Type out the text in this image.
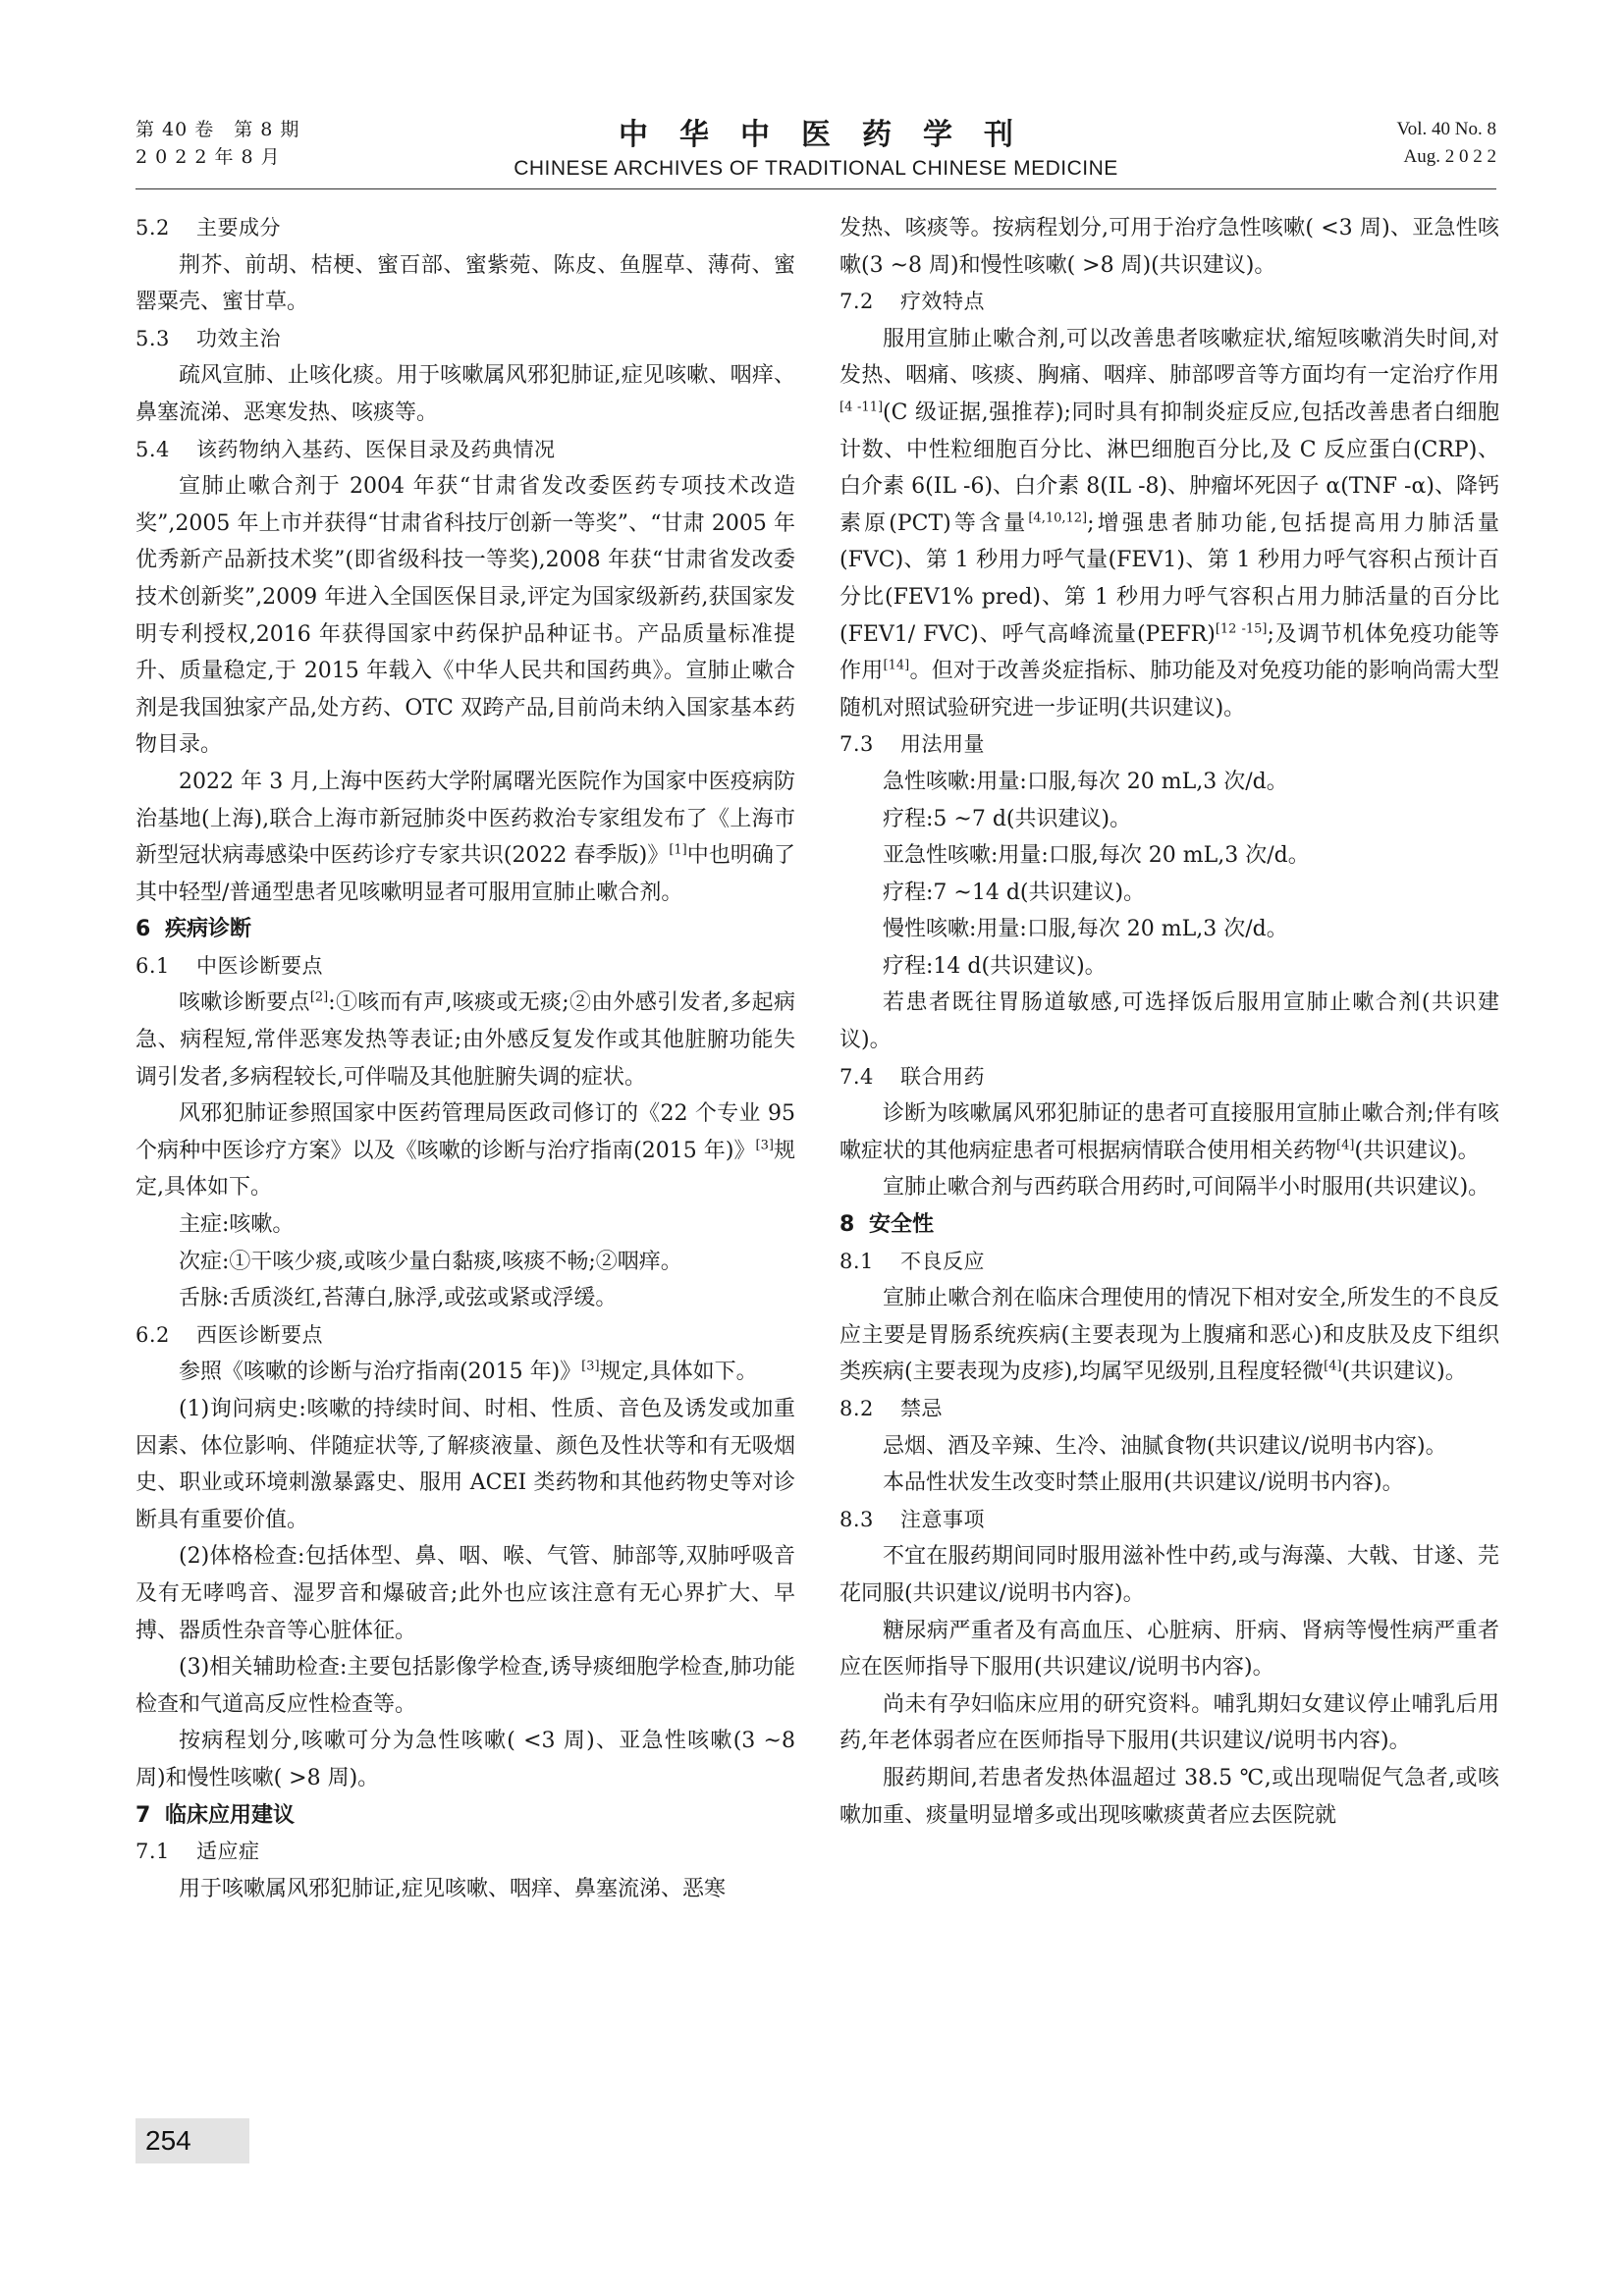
第 40 卷　第 8 期
2 0 2 2 年 8 月
中华中医药学刊
CHINESE ARCHIVES OF TRADITIONAL CHINESE MEDICINE
Vol. 40 No. 8
Aug. 2 0 2 2

5.2 主要成分

荆芥、前胡、桔梗、蜜百部、蜜紫菀、陈皮、鱼腥草、薄荷、蜜罂粟壳、蜜甘草。

5.3 功效主治

疏风宣肺、止咳化痰。用于咳嗽属风邪犯肺证,症见咳嗽、咽痒、鼻塞流涕、恶寒发热、咳痰等。

5.4 该药物纳入基药、医保目录及药典情况

宣肺止嗽合剂于 2004 年获“甘肃省发改委医药专项技术改造奖”,2005 年上市并获得“甘肃省科技厅创新一等奖”、“甘肃 2005 年优秀新产品新技术奖”(即省级科技一等奖),2008 年获“甘肃省发改委技术创新奖”,2009 年进入全国医保目录,评定为国家级新药,获国家发明专利授权,2016 年获得国家中药保护品种证书。产品质量标准提升、质量稳定,于 2015 年载入《中华人民共和国药典》。宣肺止嗽合剂是我国独家产品,处方药、OTC 双跨产品,目前尚未纳入国家基本药物目录。

2022 年 3 月,上海中医药大学附属曙光医院作为国家中医疫病防治基地(上海),联合上海市新冠肺炎中医药救治专家组发布了《上海市新型冠状病毒感染中医药诊疗专家共识(2022 春季版)》[1]中也明确了其中轻型/普通型患者见咳嗽明显者可服用宣肺止嗽合剂。

6 疾病诊断

6.1 中医诊断要点

咳嗽诊断要点[2]:①咳而有声,咳痰或无痰;②由外感引发者,多起病急、病程短,常伴恶寒发热等表证;由外感反复发作或其他脏腑功能失调引发者,多病程较长,可伴喘及其他脏腑失调的症状。

风邪犯肺证参照国家中医药管理局医政司修订的《22 个专业 95 个病种中医诊疗方案》以及《咳嗽的诊断与治疗指南(2015 年)》[3]规定,具体如下。

主症:咳嗽。

次症:①干咳少痰,或咳少量白黏痰,咳痰不畅;②咽痒。

舌脉:舌质淡红,苔薄白,脉浮,或弦或紧或浮缓。

6.2 西医诊断要点

参照《咳嗽的诊断与治疗指南(2015 年)》[3]规定,具体如下。

(1)询问病史:咳嗽的持续时间、时相、性质、音色及诱发或加重因素、体位影响、伴随症状等,了解痰液量、颜色及性状等和有无吸烟史、职业或环境刺激暴露史、服用 ACEI 类药物和其他药物史等对诊断具有重要价值。

(2)体格检查:包括体型、鼻、咽、喉、气管、肺部等,双肺呼吸音及有无哮鸣音、湿罗音和爆破音;此外也应该注意有无心界扩大、早搏、器质性杂音等心脏体征。

(3)相关辅助检查:主要包括影像学检查,诱导痰细胞学检查,肺功能检查和气道高反应性检查等。

按病程划分,咳嗽可分为急性咳嗽( <3 周)、亚急性咳嗽(3 ~8 周)和慢性咳嗽( >8 周)。

7 临床应用建议

7.1 适应症

用于咳嗽属风邪犯肺证,症见咳嗽、咽痒、鼻塞流涕、恶寒

发热、咳痰等。按病程划分,可用于治疗急性咳嗽( <3 周)、亚急性咳嗽(3 ~8 周)和慢性咳嗽( >8 周)(共识建议)。

7.2 疗效特点

服用宣肺止嗽合剂,可以改善患者咳嗽症状,缩短咳嗽消失时间,对发热、咽痛、咳痰、胸痛、咽痒、肺部啰音等方面均有一定治疗作用[4 -11](C 级证据,强推荐);同时具有抑制炎症反应,包括改善患者白细胞计数、中性粒细胞百分比、淋巴细胞百分比,及 C 反应蛋白(CRP)、白介素 6(IL -6)、白介素 8(IL -8)、肿瘤坏死因子 α(TNF -α)、降钙素原(PCT)等含量[4,10,12];增强患者肺功能,包括提高用力肺活量(FVC)、第 1 秒用力呼气量(FEV1)、第 1 秒用力呼气容积占预计百分比(FEV1% pred)、第 1 秒用力呼气容积占用力肺活量的百分比(FEV1/ FVC)、呼气高峰流量(PEFR)[12 -15];及调节机体免疫功能等作用[14]。但对于改善炎症指标、肺功能及对免疫功能的影响尚需大型随机对照试验研究进一步证明(共识建议)。

7.3 用法用量

急性咳嗽:用量:口服,每次 20 mL,3 次/d。

疗程:5 ~7 d(共识建议)。

亚急性咳嗽:用量:口服,每次 20 mL,3 次/d。

疗程:7 ~14 d(共识建议)。

慢性咳嗽:用量:口服,每次 20 mL,3 次/d。

疗程:14 d(共识建议)。

若患者既往胃肠道敏感,可选择饭后服用宣肺止嗽合剂(共识建议)。

7.4 联合用药

诊断为咳嗽属风邪犯肺证的患者可直接服用宣肺止嗽合剂;伴有咳嗽症状的其他病症患者可根据病情联合使用相关药物[4](共识建议)。

宣肺止嗽合剂与西药联合用药时,可间隔半小时服用(共识建议)。

8 安全性

8.1 不良反应

宣肺止嗽合剂在临床合理使用的情况下相对安全,所发生的不良反应主要是胃肠系统疾病(主要表现为上腹痛和恶心)和皮肤及皮下组织类疾病(主要表现为皮疹),均属罕见级别,且程度轻微[4](共识建议)。

8.2 禁忌

忌烟、酒及辛辣、生冷、油腻食物(共识建议/说明书内容)。

本品性状发生改变时禁止服用(共识建议/说明书内容)。

8.3 注意事项

不宜在服药期间同时服用滋补性中药,或与海藻、大戟、甘遂、芫花同服(共识建议/说明书内容)。

糖尿病严重者及有高血压、心脏病、肝病、肾病等慢性病严重者应在医师指导下服用(共识建议/说明书内容)。

尚未有孕妇临床应用的研究资料。哺乳期妇女建议停止哺乳后用药,年老体弱者应在医师指导下服用(共识建议/说明书内容)。

服药期间,若患者发热体温超过 38.5 ℃,或出现喘促气急者,或咳嗽加重、痰量明显增多或出现咳嗽痰黄者应去医院就

254
